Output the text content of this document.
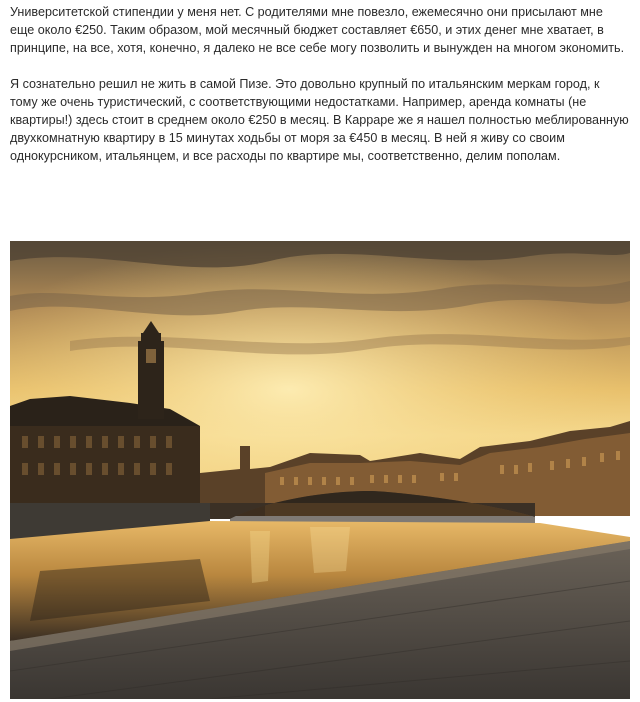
Университетской стипендии у меня нет. С родителями мне повезло, ежемесячно они присылают мне еще около €250. Таким образом, мой месячный бюджет составляет €650, и этих денег мне хватает, в принципе, на все, хотя, конечно, я далеко не все себе могу позволить и вынужден на многом экономить.

Я сознательно решил не жить в самой Пизе. Это довольно крупный по итальянским меркам город, к тому же очень туристический, с соответствующими недостатками. Например, аренда комнаты (не квартиры!) здесь стоит в среднем около €250 в месяц. В Карраре же я нашел полностью меблированную двухкомнатную квартиру в 15 минутах ходьбы от моря за €450 в месяц. В ней я живу со своим однокурсником, итальянцем, и все расходы по квартире мы, соответственно, делим пополам.
